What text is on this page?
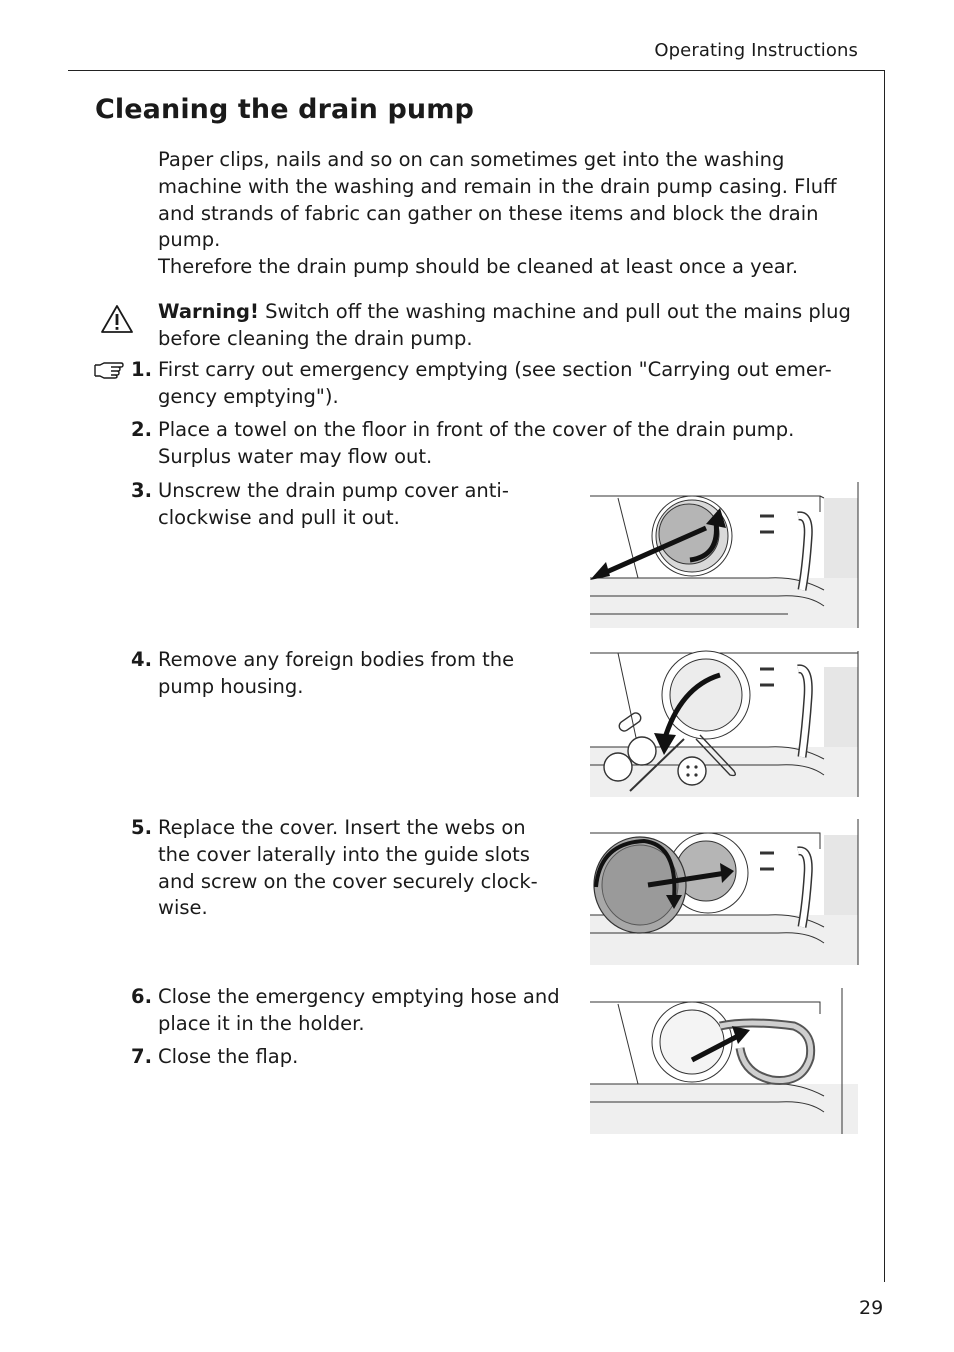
Operating Instructions
Cleaning the drain pump

Paper clips, nails and so on can sometimes get into the washing
machine with the washing and remain in the drain pump casing. Fluff
and strands of fabric can gather on these items and block the drain
pump.
Therefore the drain pump should be cleaned at least once a year.

Warning! Switch off the washing machine and pull out the mains plug
before cleaning the drain pump.

1. First carry out emergency emptying (see section "Carrying out emer-
gency emptying").

2. Place a towel on the floor in front of the cover of the drain pump.
Surplus water may flow out.

3. Unscrew the drain pump cover anti-
clockwise and pull it out.

4. Remove any foreign bodies from the
pump housing.

5. Replace the cover. Insert the webs on
the cover laterally into the guide slots
and screw on the cover securely clock-
wise.

6. Close the emergency emptying hose and
place it in the holder.

7. Close the flap.

29
